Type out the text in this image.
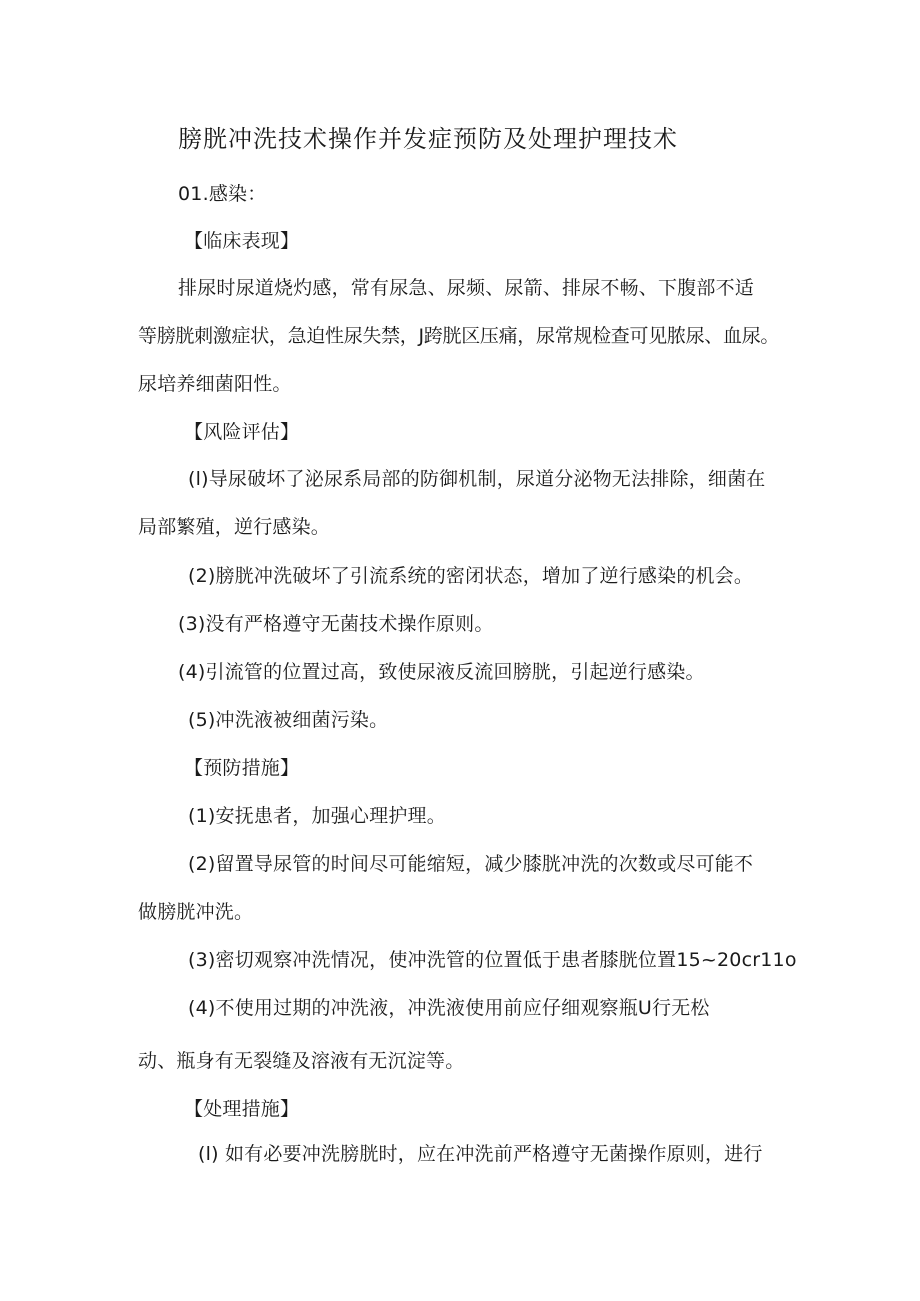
膀胱冲洗技术操作并发症预防及处理护理技术
01.感染：
【临床表现】
排尿时尿道烧灼感，常有尿急、尿频、尿箭、排尿不畅、下腹部不适
等膀胱刺激症状，急迫性尿失禁，J跨胱区压痛，尿常规检查可见脓尿、血尿。
尿培养细菌阳性。
【风险评估】
(l)导尿破坏了泌尿系局部的防御机制，尿道分泌物无法排除，细菌在
局部繁殖，逆行感染。
(2)膀胱冲洗破坏了引流系统的密闭状态，增加了逆行感染的机会。
(3)没有严格遵守无菌技术操作原则。
(4)引流管的位置过高，致使尿液反流回膀胱，引起逆行感染。
(5)冲洗液被细菌污染。
【预防措施】
(1)安抚患者，加强心理护理。
(2)留置导尿管的时间尽可能缩短，减少膝胱冲洗的次数或尽可能不
做膀胱冲洗。
(3)密切观察冲洗情况，使冲洗管的位置低于患者膝胱位置15~20cr11o
(4)不使用过期的冲洗液，冲洗液使用前应仔细观察瓶U行无松
动、瓶身有无裂缝及溶液有无沉淀等。
【处理措施】
(l) 如有必要冲洗膀胱时，应在冲洗前严格遵守无菌操作原则，进行
